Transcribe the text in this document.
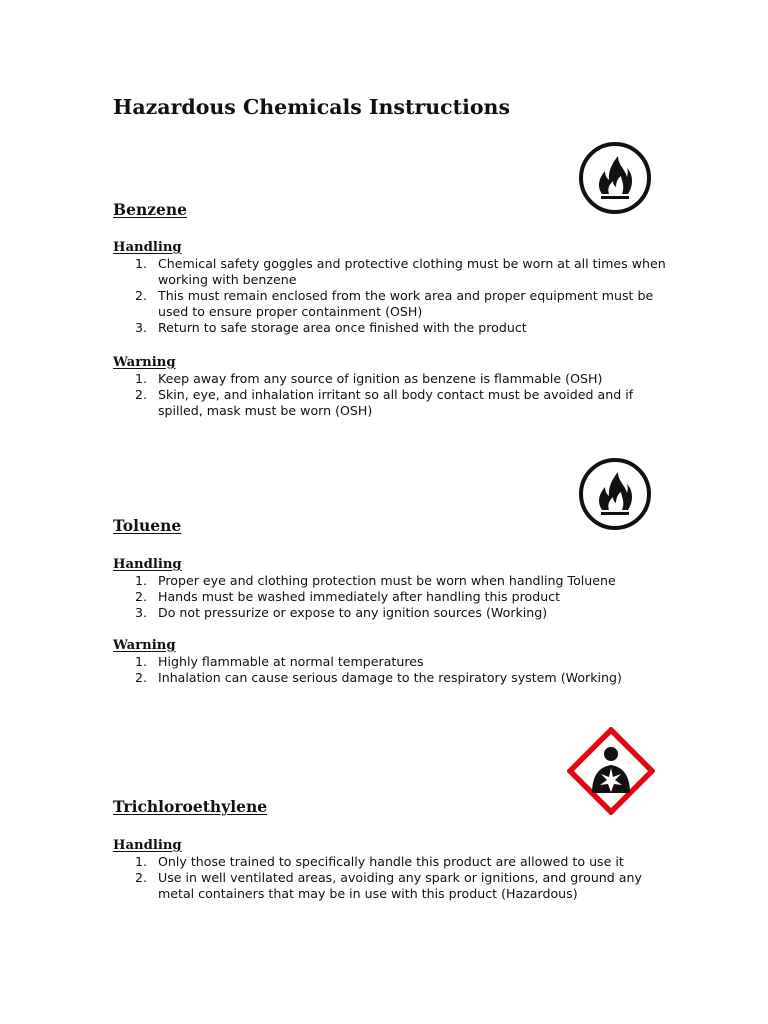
Hazardous Chemicals Instructions
Benzene
Handling
1. Chemical safety goggles and protective clothing must be worn at all times when working with benzene
2. This must remain enclosed from the work area and proper equipment must be used to ensure proper containment (OSH)
3. Return to safe storage area once finished with the product
Warning
1. Keep away from any source of ignition as benzene is flammable (OSH)
2. Skin, eye, and inhalation irritant so all body contact must be avoided and if spilled, mask must be worn (OSH)
Toluene
Handling
1. Proper eye and clothing protection must be worn when handling Toluene
2. Hands must be washed immediately after handling this product
3. Do not pressurize or expose to any ignition sources (Working)
Warning
1. Highly flammable at normal temperatures
2. Inhalation can cause serious damage to the respiratory system (Working)
Trichloroethylene
Handling
1. Only those trained to specifically handle this product are allowed to use it
2. Use in well ventilated areas, avoiding any spark or ignitions, and ground any metal containers that may be in use with this product (Hazardous)
